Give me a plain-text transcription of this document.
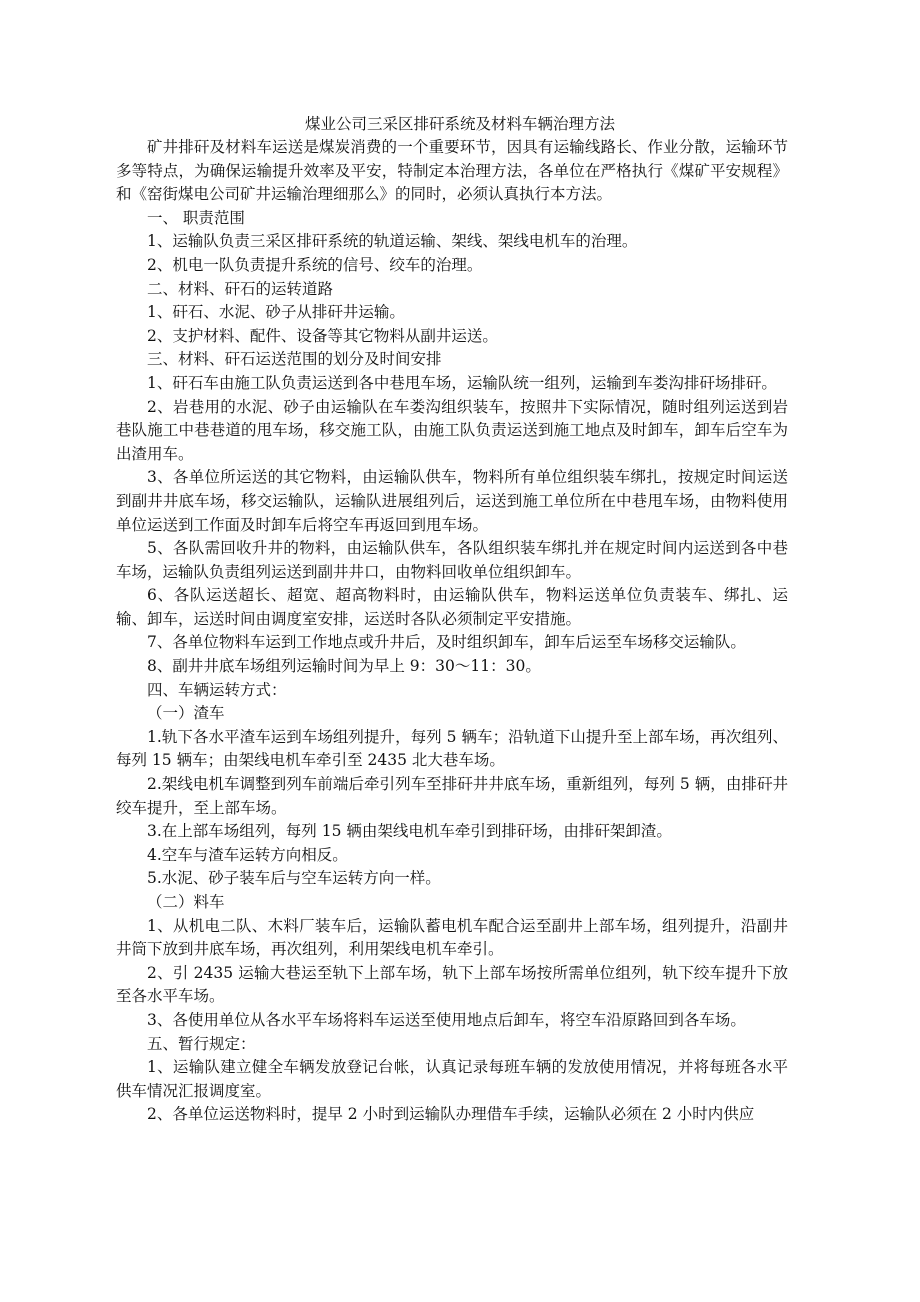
煤业公司三采区排矸系统及材料车辆治理方法

矿井排矸及材料车运送是煤炭消费的一个重要环节，因具有运输线路长、作业分散，运输环节多等特点，为确保运输提升效率及平安，特制定本治理方法，各单位在严格执行《煤矿平安规程》和《窑街煤电公司矿井运输治理细那么》的同时，必须认真执行本方法。

一、 职责范围

1、运输队负责三采区排矸系统的轨道运输、架线、架线电机车的治理。

2、机电一队负责提升系统的信号、绞车的治理。

二、材料、矸石的运转道路

1、矸石、水泥、砂子从排矸井运输。

2、支护材料、配件、设备等其它物料从副井运送。

三、材料、矸石运送范围的划分及时间安排

1、矸石车由施工队负责运送到各中巷甩车场，运输队统一组列，运输到车娄沟排矸场排矸。

2、岩巷用的水泥、砂子由运输队在车娄沟组织装车，按照井下实际情况，随时组列运送到岩巷队施工中巷巷道的甩车场，移交施工队，由施工队负责运送到施工地点及时卸车，卸车后空车为出渣用车。

3、各单位所运送的其它物料，由运输队供车，物料所有单位组织装车绑扎，按规定时间运送到副井井底车场，移交运输队，运输队进展组列后，运送到施工单位所在中巷甩车场，由物料使用单位运送到工作面及时卸车后将空车再返回到甩车场。

5、各队需回收升井的物料，由运输队供车，各队组织装车绑扎并在规定时间内运送到各中巷车场，运输队负责组列运送到副井井口，由物料回收单位组织卸车。

6、各队运送超长、超宽、超高物料时，由运输队供车，物料运送单位负责装车、绑扎、运输、卸车，运送时间由调度室安排，运送时各队必须制定平安措施。

7、各单位物料车运到工作地点或升井后，及时组织卸车，卸车后运至车场移交运输队。

8、副井井底车场组列运输时间为早上 9：30～11：30。

四、车辆运转方式：

（一）渣车

1.轨下各水平渣车运到车场组列提升，每列 5 辆车；沿轨道下山提升至上部车场，再次组列、每列 15 辆车；由架线电机车牵引至 2435 北大巷车场。

2.架线电机车调整到列车前端后牵引列车至排矸井井底车场，重新组列，每列 5 辆，由排矸井绞车提升，至上部车场。

3.在上部车场组列，每列 15 辆由架线电机车牵引到排矸场，由排矸架卸渣。

4.空车与渣车运转方向相反。

5.水泥、砂子装车后与空车运转方向一样。

（二）料车

1、从机电二队、木料厂装车后，运输队蓄电机车配合运至副井上部车场，组列提升，沿副井井筒下放到井底车场，再次组列，利用架线电机车牵引。

2、引 2435 运输大巷运至轨下上部车场，轨下上部车场按所需单位组列，轨下绞车提升下放至各水平车场。

3、各使用单位从各水平车场将料车运送至使用地点后卸车，将空车沿原路回到各车场。

五、暂行规定：

1、运输队建立健全车辆发放登记台帐，认真记录每班车辆的发放使用情况，并将每班各水平供车情况汇报调度室。

2、各单位运送物料时，提早 2 小时到运输队办理借车手续，运输队必须在 2 小时内供应
